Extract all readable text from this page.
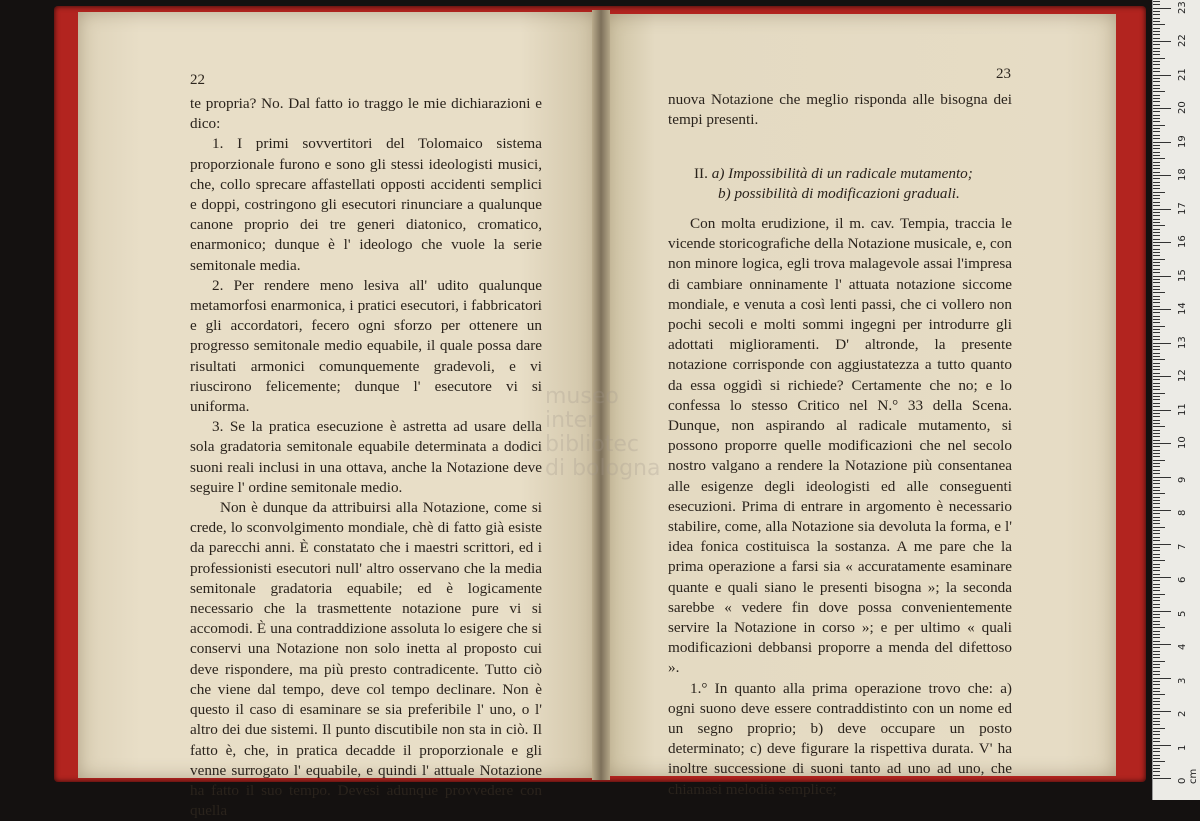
22	23

te propria? No. Dal fatto io traggo le mie dichiarazioni e dico:

1. I primi sovvertitori del Tolomaico sistema proporzionale furono e sono gli stessi ideologisti musici, che, collo sprecare affastellati opposti accidenti semplici e doppi, costringono gli esecutori rinunciare a qualunque canone proprio dei tre generi diatonico, cromatico, enarmonico; dunque è l' ideologo che vuole la serie semitonale media.

2. Per rendere meno lesiva all' udito qualunque metamorfosi enarmonica, i pratici esecutori, i fabbricatori e gli accordatori, fecero ogni sforzo per ottenere un progresso semitonale medio equabile, il quale possa dare risultati armonici comunquemente gradevoli, e vi riuscirono felicemente; dunque l' esecutore vi si uniforma.

3. Se la pratica esecuzione è astretta ad usare della sola gradatoria semitonale equabile determinata a dodici suoni reali inclusi in una ottava, anche la Notazione deve seguire l' ordine semitonale medio.

Non è dunque da attribuirsi alla Notazione, come si crede, lo sconvolgimento mondiale, chè di fatto già esiste da parecchi anni. È constatato che i maestri scrittori, ed i professionisti esecutori null' altro osservano che la media semitonale gradatoria equabile; ed è logicamente necessario che la trasmettente notazione pure vi si accomodi. È una contraddizione assoluta lo esigere che si conservi una Notazione non solo inetta al proposto cui deve rispondere, ma più presto contradicente. Tutto ciò che viene dal tempo, deve col tempo declinare. Non è questo il caso di esaminare se sia preferibile l' uno, o l' altro dei due sistemi. Il punto discutibile non sta in ciò. Il fatto è, che, in pratica decadde il proporzionale e gli venne surrogato l' equabile, e quindi l' attuale Notazione ha fatto il suo tempo. Devesi adunque provvedere con quella

nuova Notazione che meglio risponda alle bisogna dei tempi presenti.
II. a) Impossibilità di un radicale mutamento;
b) possibilità di modificazioni graduali.

Con molta erudizione, il m. cav. Tempia, traccia le vicende storicografiche della Notazione musicale, e, con non minore logica, egli trova malagevole assai l'impresa di cambiare onninamente l' attuata notazione siccome mondiale, e venuta a così lenti passi, che ci vollero non pochi secoli e molti sommi ingegni per introdurre gli adottati miglioramenti. D' altronde, la presente notazione corrisponde con aggiustatezza a tutto quanto da essa oggidì si richiede? Certamente che no; e lo confessa lo stesso Critico nel N.° 33 della Scena. Dunque, non aspirando al radicale mutamento, si possono proporre quelle modificazioni che nel secolo nostro valgano a rendere la Notazione più consentanea alle esigenze degli ideologisti ed alle conseguenti esecuzioni. Prima di entrare in argomento è necessario stabilire, come, alla Notazione sia devoluta la forma, e l' idea fonica costituisca la sostanza. A me pare che la prima operazione a farsi sia « accuratamente esaminare quante e quali siano le presenti bisogna »; la seconda sarebbe « vedere fin dove possa convenientemente servire la Notazione in corso »; e per ultimo « quali modificazioni debbansi proporre a menda del difettoso ».

1.° In quanto alla prima operazione trovo che: a) ogni suono deve essere contraddistinto con un nome ed un segno proprio; b) deve occupare un posto determinato; c) deve figurare la rispettiva durata. V' ha inoltre successione di suoni tanto ad uno ad uno, che chiamasi melodia semplice;

museo inter
bibliotec
di bologna
0 cm
1
2
3
4
5
6
7
8
9
10
11
12
13
14
15
16
17
18
19
20
21
22
23
